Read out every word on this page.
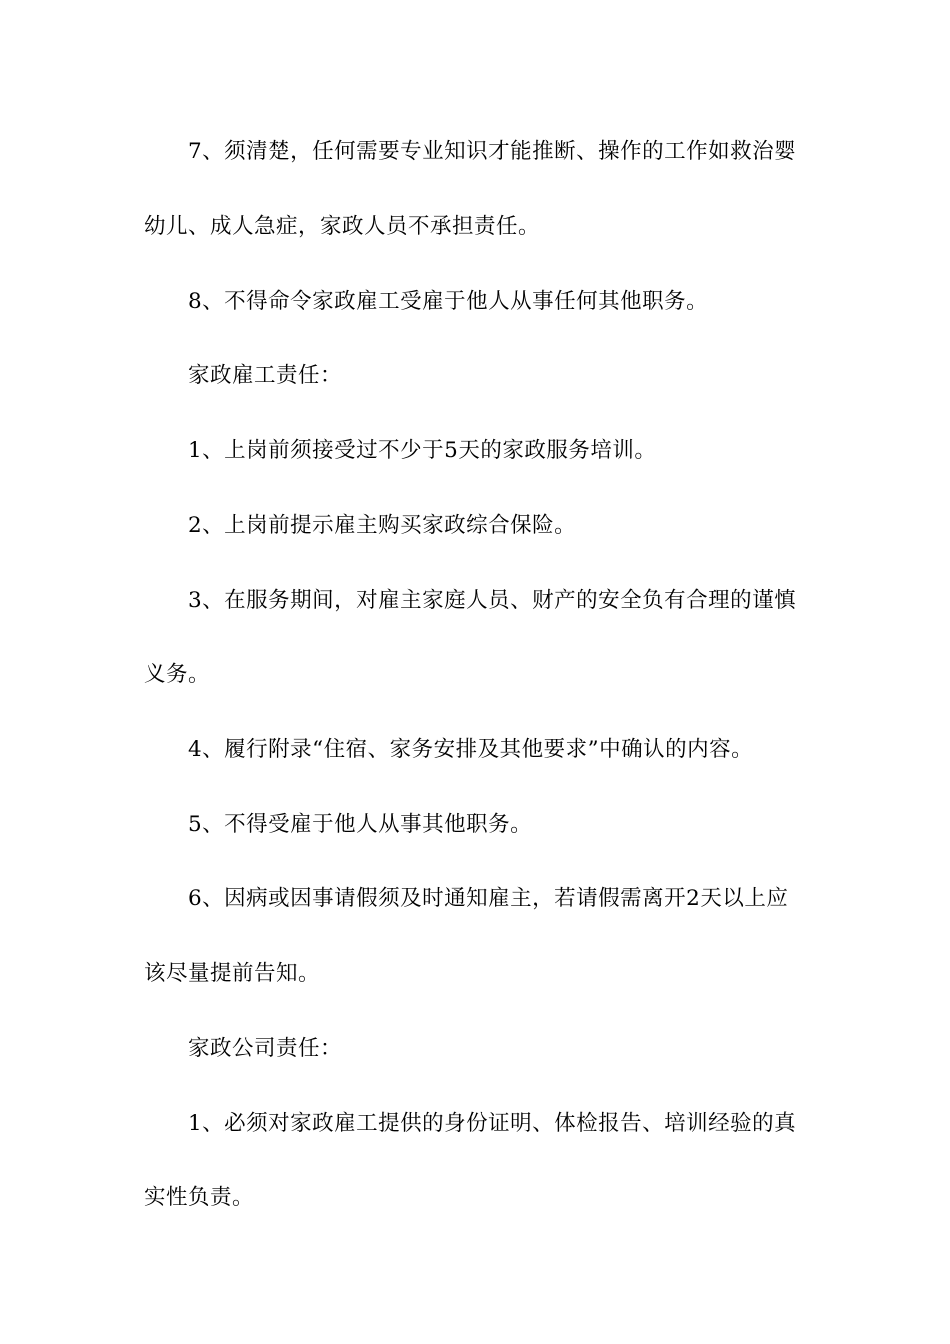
7、须清楚，任何需要专业知识才能推断、操作的工作如救治婴
幼儿、成人急症，家政人员不承担责任。
8、不得命令家政雇工受雇于他人从事任何其他职务。
家政雇工责任：
1、上岗前须接受过不少于5天的家政服务培训。
2、上岗前提示雇主购买家政综合保险。
3、在服务期间，对雇主家庭人员、财产的安全负有合理的谨慎
义务。
4、履行附录“住宿、家务安排及其他要求”中确认的内容。
5、不得受雇于他人从事其他职务。
6、因病或因事请假须及时通知雇主，若请假需离开2天以上应
该尽量提前告知。
家政公司责任：
1、必须对家政雇工提供的身份证明、体检报告、培训经验的真
实性负责。
